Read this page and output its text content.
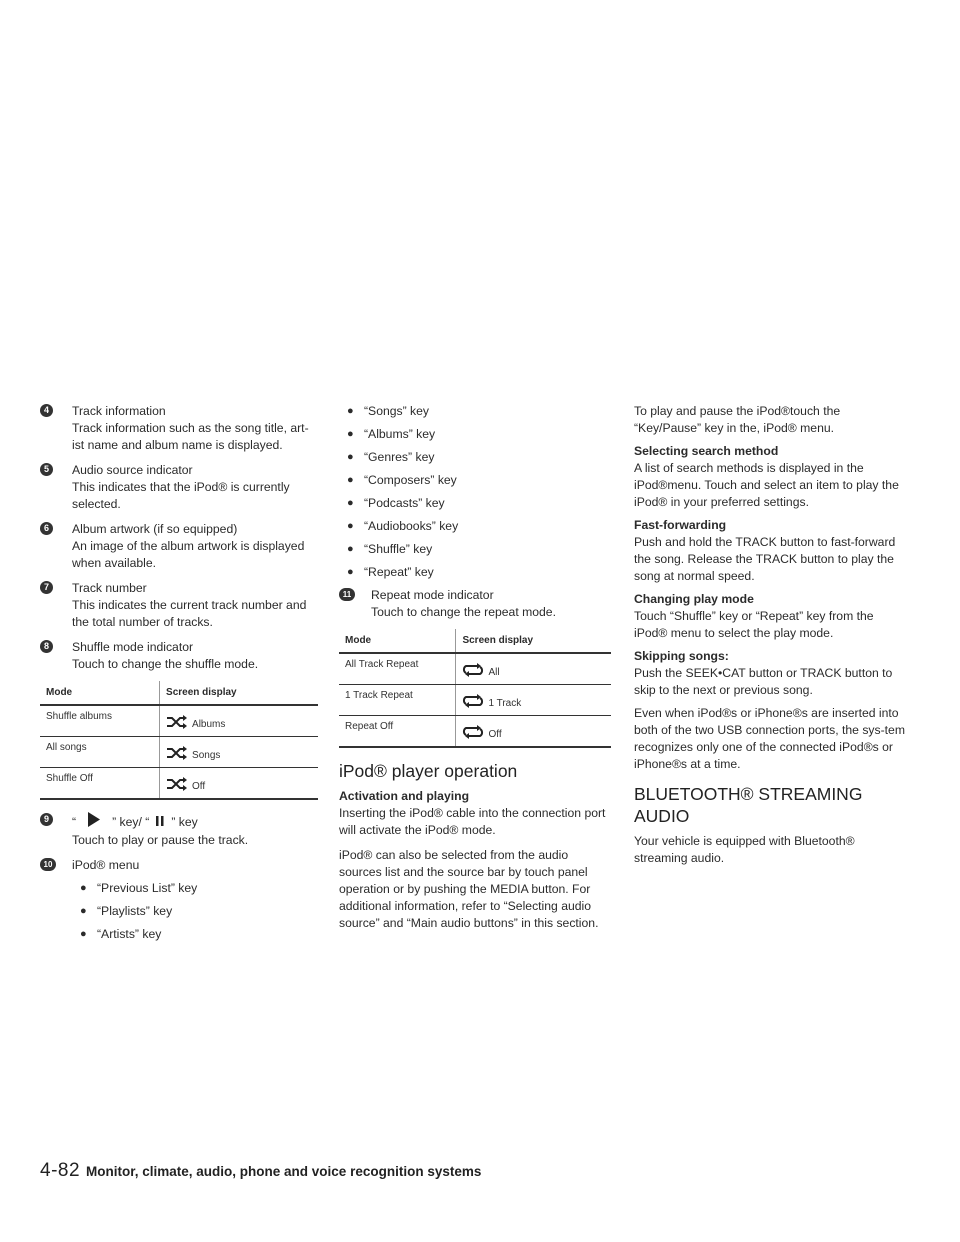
4	Track information
Track information such as the song title, art-ist name and album name is displayed.
5	Audio source indicator
This indicates that the iPod® is currently selected.
6	Album artwork (if so equipped)
An image of the album artwork is displayed when available.
7	Track number
This indicates the current track number and the total number of tracks.
8	Shuffle mode indicator
Touch to change the shuffle mode.
Mode	Screen display
Shuffle albums	Albums

All songs	Songs

Shuffle Off	Off
9	“	” key/ “ ” key
Touch to play or pause the track.
10 iPod® menu
● “Previous List” key
● “Playlists” key
● “Artists” key
● “Songs” key
● “Albums” key
● “Genres” key
● “Composers” key
● “Podcasts” key
● “Audiobooks” key
● “Shuffle” key
● “Repeat” key
11	Repeat mode indicator
Touch to change the repeat mode.
Mode	Screen display
All Track Repeat	All

1 Track Repeat	1 Track

Repeat Off	Off
iPod® player operation
Activation and playing

Inserting the iPod® cable into the connection port will activate the iPod® mode.

iPod® can also be selected from the audio sources list and the source bar by touch panel operation or by pushing the MEDIA button. For additional information, refer to “Selecting audio source” and “Main audio buttons” in this section.

To play and pause the iPod®touch the “Key/Pause” key in the, iPod® menu.

Selecting search method

A list of search methods is displayed in the iPod®menu. Touch and select an item to play the iPod® in your preferred settings.

Fast-forwarding

Push and hold the TRACK button to fast-forward the song. Release the TRACK button to play the song at normal speed.

Changing play mode

Touch “Shuffle” key or “Repeat” key from the iPod® menu to select the play mode.

Skipping songs:

Push the SEEK•CAT button or TRACK button to skip to the next or previous song.

Even when iPod®s or iPhone®s are inserted into both of the two USB connection ports, the sys-tem recognizes only one of the connected iPod®s or iPhone®s at a time.

BLUETOOTH® STREAMING AUDIO

Your vehicle is equipped with Bluetooth® streaming audio.

4-82 Monitor, climate, audio, phone and voice recognition systems
